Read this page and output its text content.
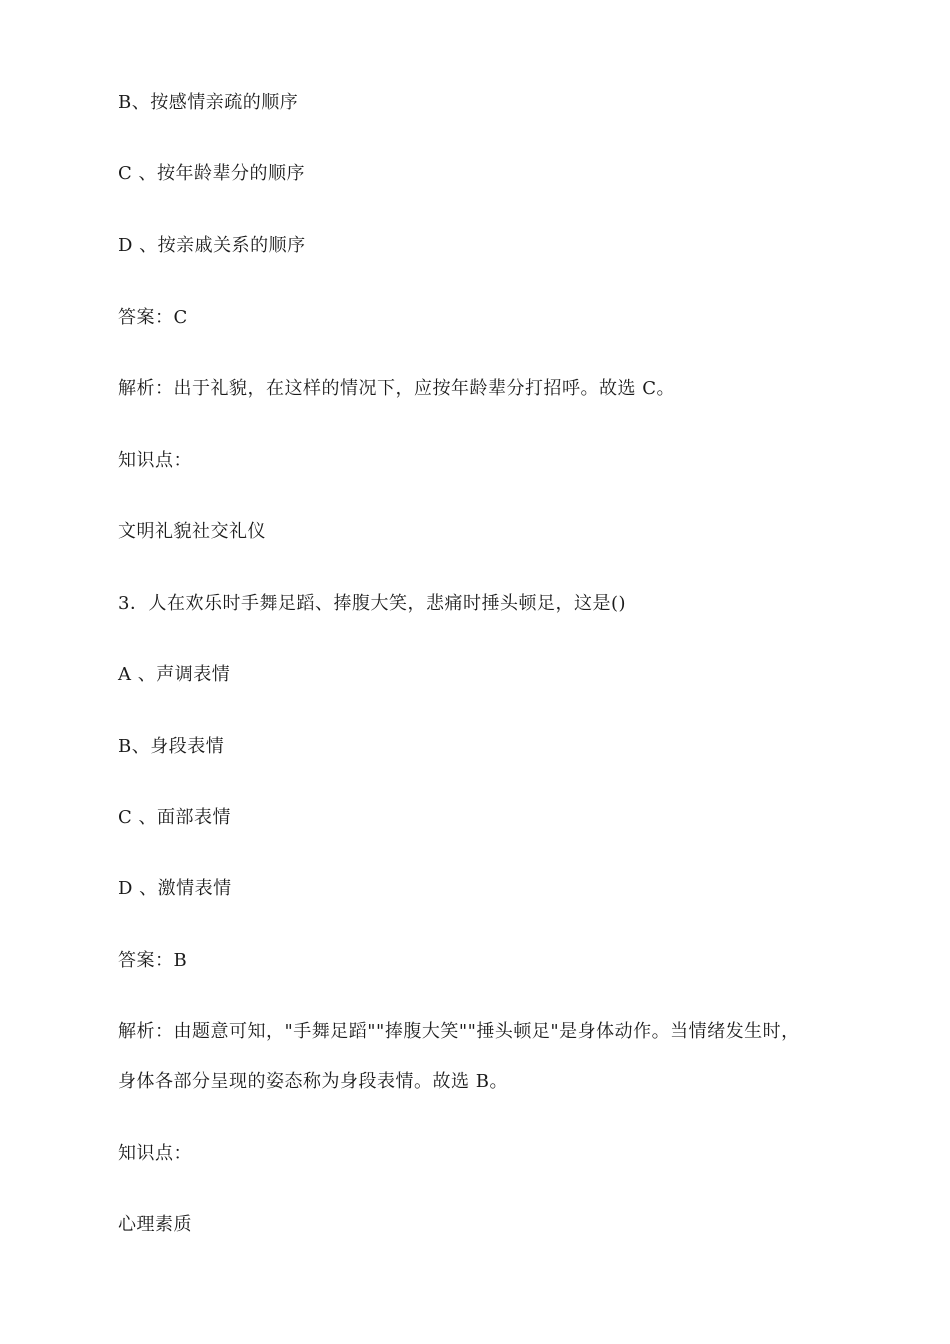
B、按感情亲疏的顺序
C 、按年龄辈分的顺序
D 、按亲戚关系的顺序
答案：C
解析：出于礼貌，在这样的情况下，应按年龄辈分打招呼。故选 C。
知识点：
文明礼貌社交礼仪
3．人在欢乐时手舞足蹈、捧腹大笑，悲痛时捶头顿足，这是()
A 、声调表情
B、身段表情
C 、面部表情
D 、激情表情
答案：B
解析：由题意可知，"手舞足蹈""捧腹大笑""捶头顿足"是身体动作。当情绪发生时，
身体各部分呈现的姿态称为身段表情。故选 B。
知识点：
心理素质
